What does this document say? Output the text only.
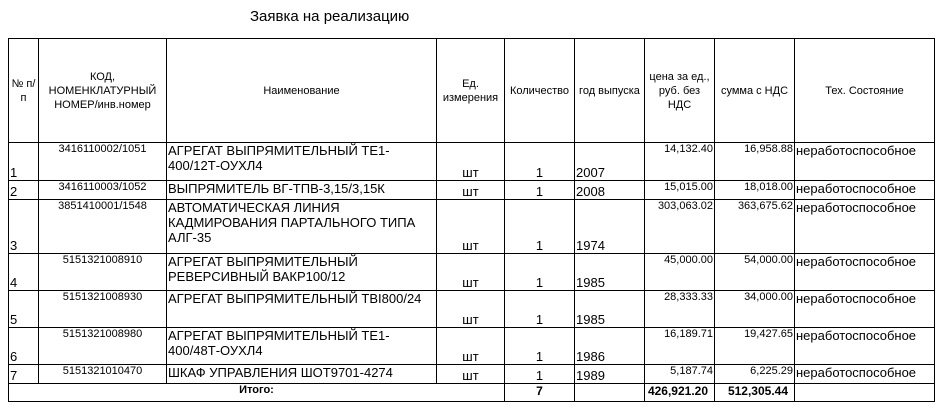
Заявка на реализацию
№ п/п	КОД, НОМЕНКЛАТУРНЫЙ НОМЕР/инв.номер	Наименование	Ед. измерения	Количество	год выпуска	цена за ед., руб. без НДС	сумма с НДС	Тех. Состояние
1	3416110002/1051	АГРЕГАТ ВЫПРЯМИТЕЛЬНЫЙ ТЕ1-400/12Т-ОУХЛ4	шт	1	2007	14,132.40	16,958.88	неработоспособное
2	3416110003/1052	ВЫПРЯМИТЕЛЬ ВГ-ТПВ-3,15/3,15К	шт	1	2008	15,015.00	18,018.00	неработоспособное
3	3851410001/1548	АВТОМАТИЧЕСКАЯ ЛИНИЯ КАДМИРОВАНИЯ ПАРТАЛЬНОГО ТИПА АЛГ-35	шт	1	1974	303,063.02	363,675.62	неработоспособное
4	5151321008910	АГРЕГАТ ВЫПРЯМИТЕЛЬНЫЙ РЕВЕРСИВНЫЙ ВАКР100/12	шт	1	1985	45,000.00	54,000.00	неработоспособное
5	5151321008930	АГРЕГАТ ВЫПРЯМИТЕЛЬНЫЙ ТВI800/24	шт	1	1985	28,333.33	34,000.00	неработоспособное
6	5151321008980	АГРЕГАТ ВЫПРЯМИТЕЛЬНЫЙ ТЕ1-400/48Т-ОУХЛ4	шт	1	1986	16,189.71	19,427.65	неработоспособное
7	5151321010470	ШКАФ УПРАВЛЕНИЯ ШОТ9701-4274	шт	1	1989	5,187.74	6,225.29	неработоспособное
Итого:				7		426,921.20	512,305.44	
